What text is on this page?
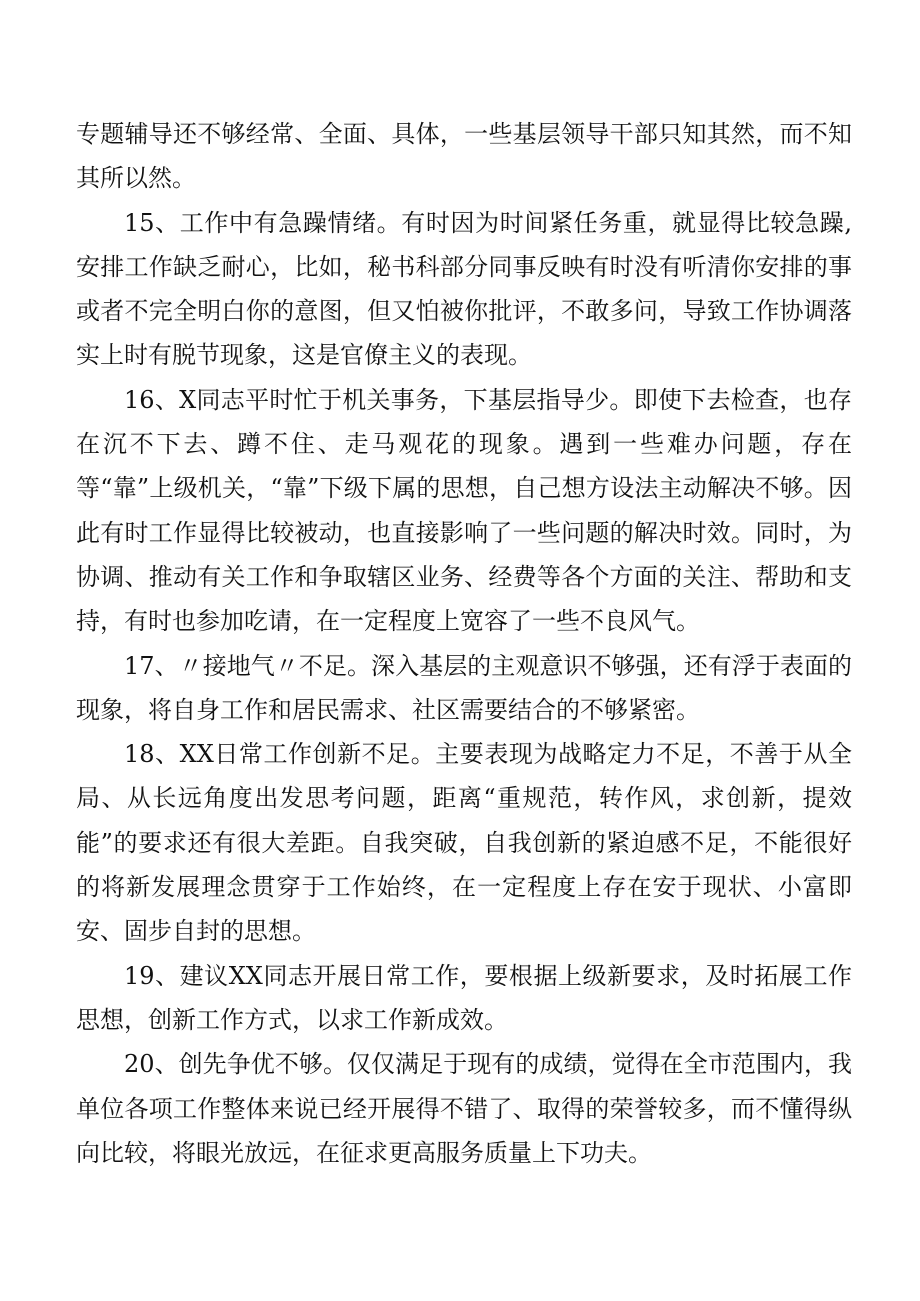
专题辅导还不够经常、全面、具体，一些基层领导干部只知其然，而不知其所以然。

15、工作中有急躁情绪。有时因为时间紧任务重，就显得比较急躁,安排工作缺乏耐心，比如，秘书科部分同事反映有时没有听清你安排的事或者不完全明白你的意图，但又怕被你批评，不敢多问，导致工作协调落实上时有脱节现象，这是官僚主义的表现。

16、X同志平时忙于机关事务，下基层指导少。即使下去检查，也存在沉不下去、蹲不住、走马观花的现象。遇到一些难办问题，存在等“靠”上级机关，“靠”下级下属的思想，自己想方设法主动解决不够。因此有时工作显得比较被动，也直接影响了一些问题的解决时效。同时，为协调、推动有关工作和争取辖区业务、经费等各个方面的关注、帮助和支持，有时也参加吃请，在一定程度上宽容了一些不良风气。

17、〃接地气〃不足。深入基层的主观意识不够强，还有浮于表面的现象，将自身工作和居民需求、社区需要结合的不够紧密。

18、XX日常工作创新不足。主要表现为战略定力不足，不善于从全局、从长远角度出发思考问题，距离“重规范，转作风，求创新，提效能”的要求还有很大差距。自我突破，自我创新的紧迫感不足，不能很好的将新发展理念贯穿于工作始终，在一定程度上存在安于现状、小富即安、固步自封的思想。

19、建议XX同志开展日常工作，要根据上级新要求，及时拓展工作思想，创新工作方式，以求工作新成效。

20、创先争优不够。仅仅满足于现有的成绩，觉得在全市范围内，我单位各项工作整体来说已经开展得不错了、取得的荣誉较多，而不懂得纵向比较，将眼光放远，在征求更高服务质量上下功夫。
